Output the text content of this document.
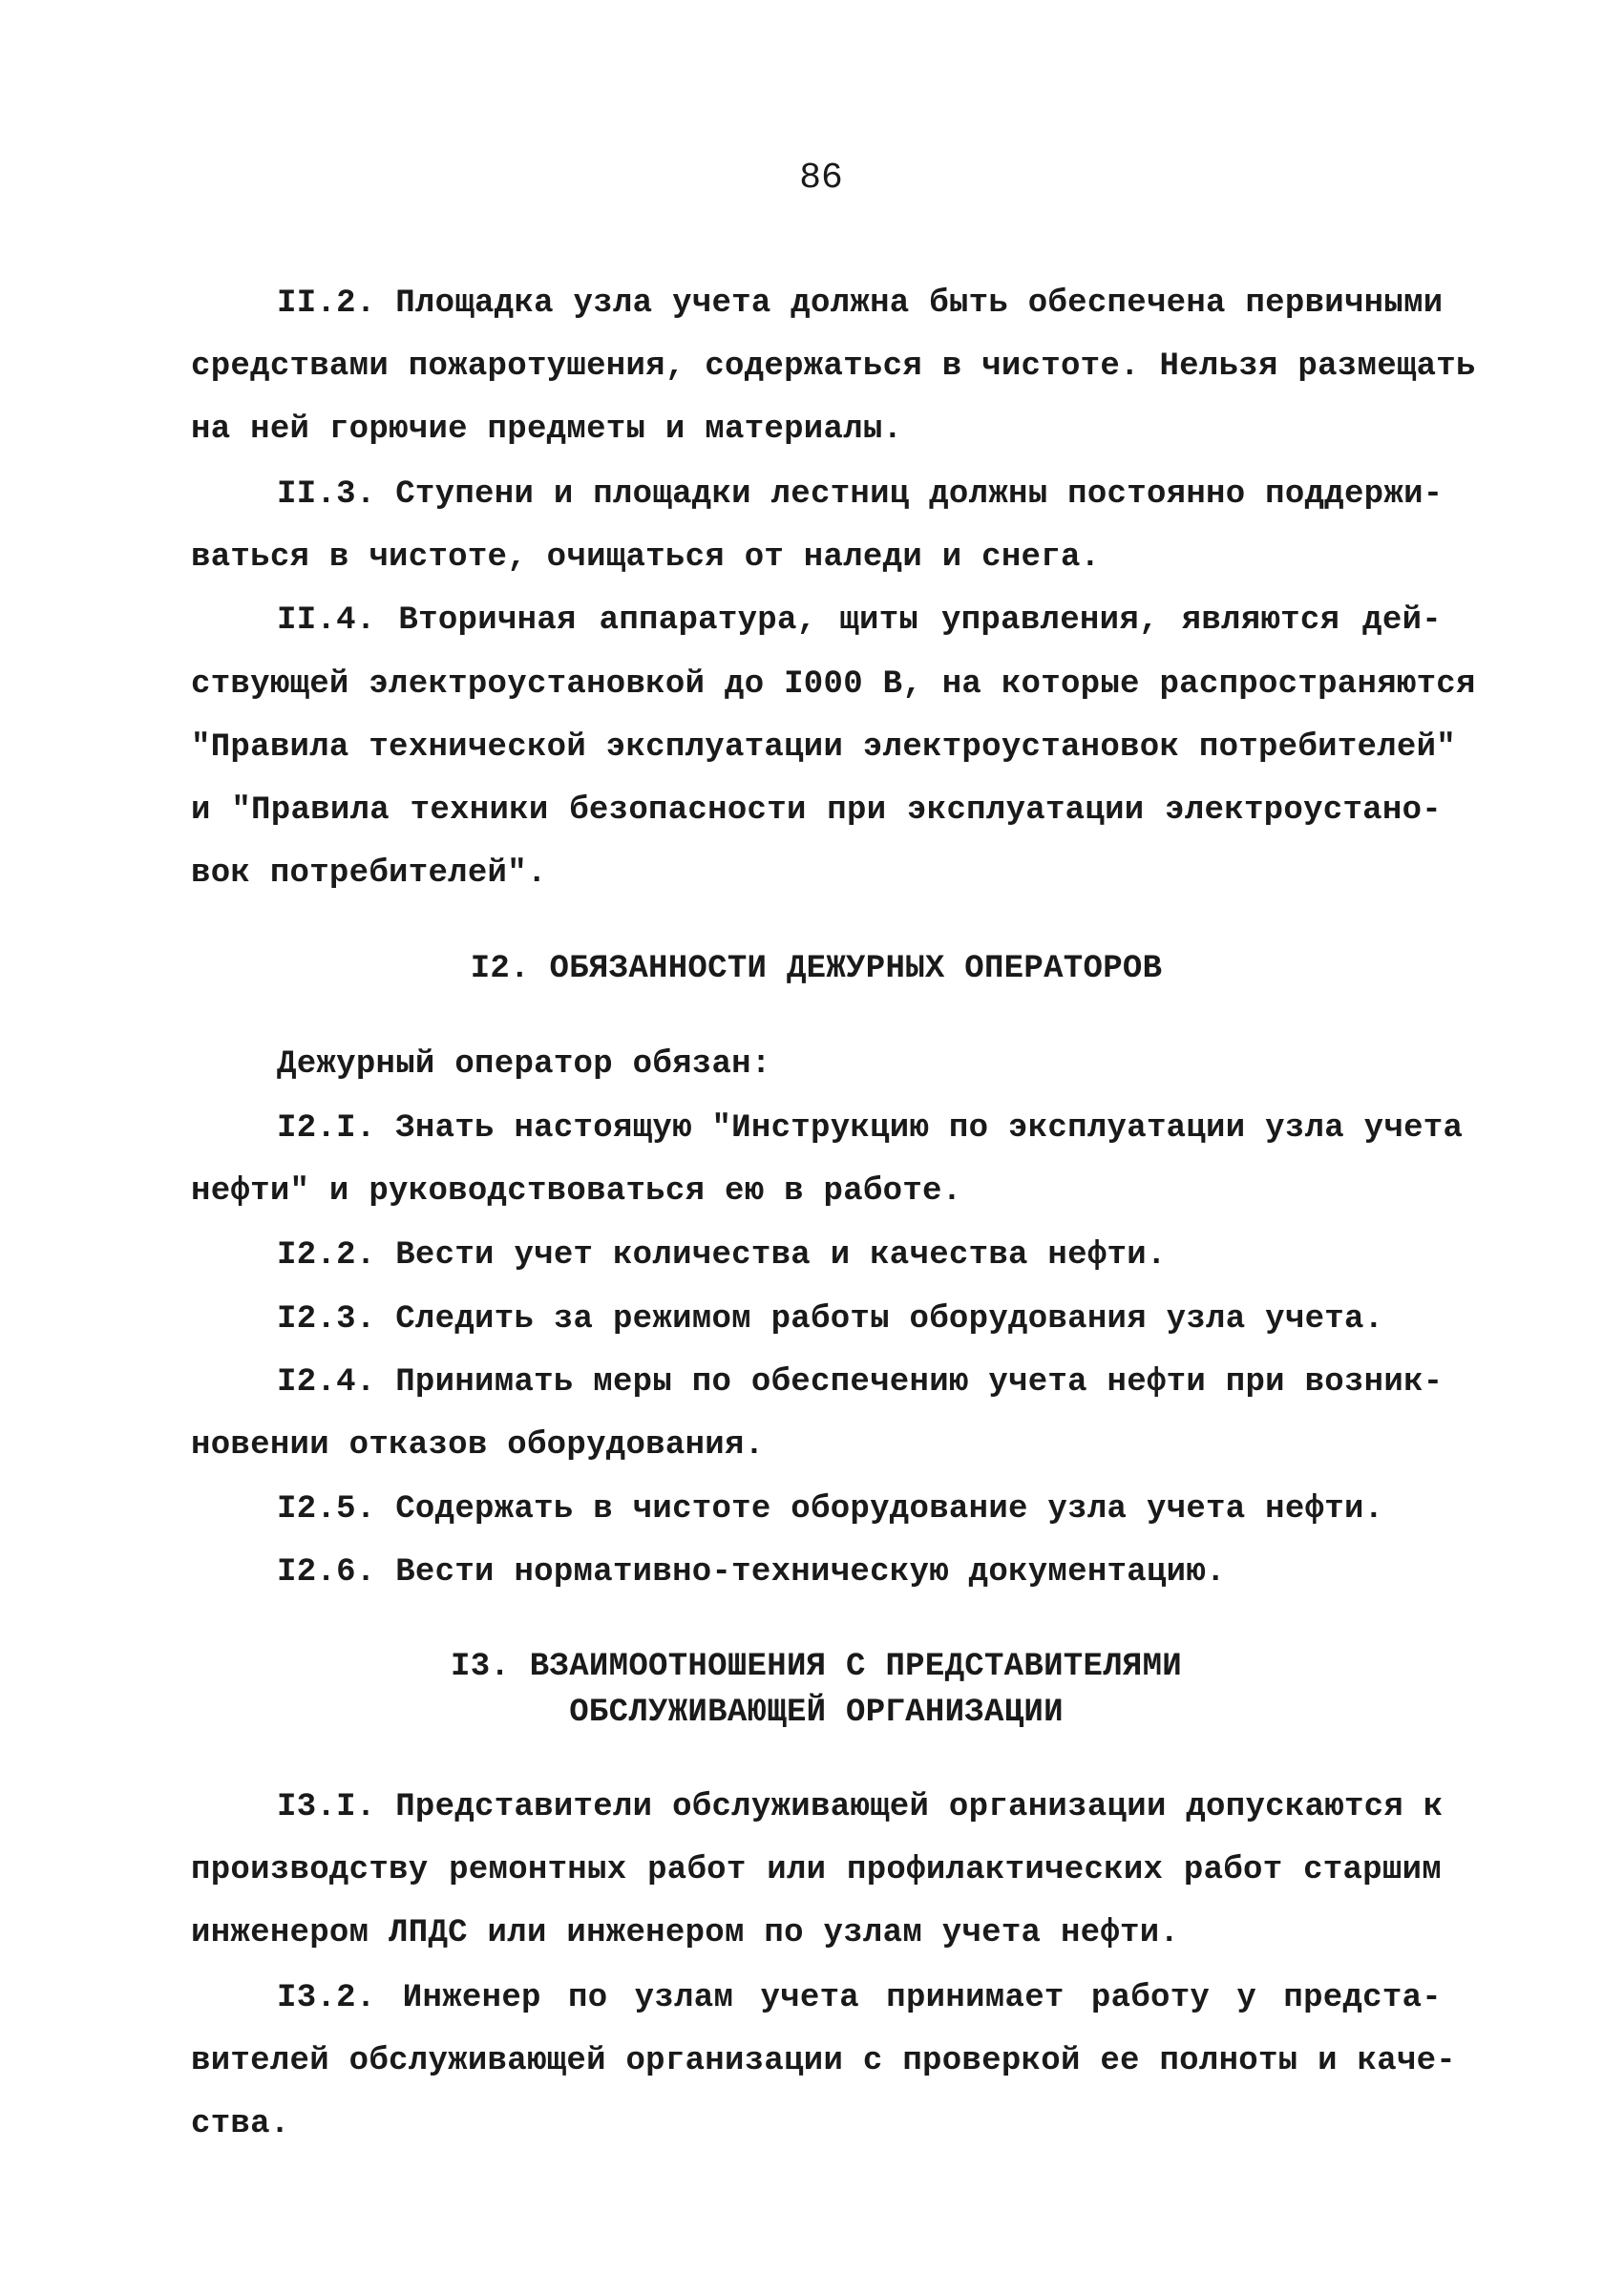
86
II.2. Площадка узла учета должна быть обеспечена первичными
средствами пожаротушения, содержаться в чистоте. Нельзя размещать
на ней горючие предметы и материалы.
II.3. Ступени и площадки лестниц должны постоянно поддержи-
ваться в чистоте, очищаться от наледи и снега.
II.4. Вторичная аппаратура, щиты управления, являются дей-
ствующей электроустановкой до I000 В, на которые распространяются
"Правила технической эксплуатации электроустановок потребителей"
и "Правила техники безопасности при эксплуатации электроустано-
вок потребителей".
I2. ОБЯЗАННОСТИ ДЕЖУРНЫХ ОПЕРАТОРОВ
Дежурный оператор обязан:
I2.I. Знать настоящую "Инструкцию по эксплуатации узла учета
нефти" и руководствоваться ею в работе.
I2.2. Вести учет количества и качества нефти.
I2.3. Следить за режимом работы оборудования узла учета.
I2.4. Принимать меры по обеспечению учета нефти при возник-
новении отказов оборудования.
I2.5. Содержать в чистоте оборудование узла учета нефти.
I2.6. Вести нормативно-техническую документацию.
I3. ВЗАИМООТНОШЕНИЯ С ПРЕДСТАВИТЕЛЯМИ
ОБСЛУЖИВАЮЩЕЙ ОРГАНИЗАЦИИ
I3.I. Представители обслуживающей организации допускаются к
производству ремонтных работ или профилактических работ старшим
инженером ЛПДС или инженером по узлам учета нефти.
I3.2. Инженер по узлам учета принимает работу у предста-
вителей обслуживающей организации с проверкой ее полноты и каче-
ства.
